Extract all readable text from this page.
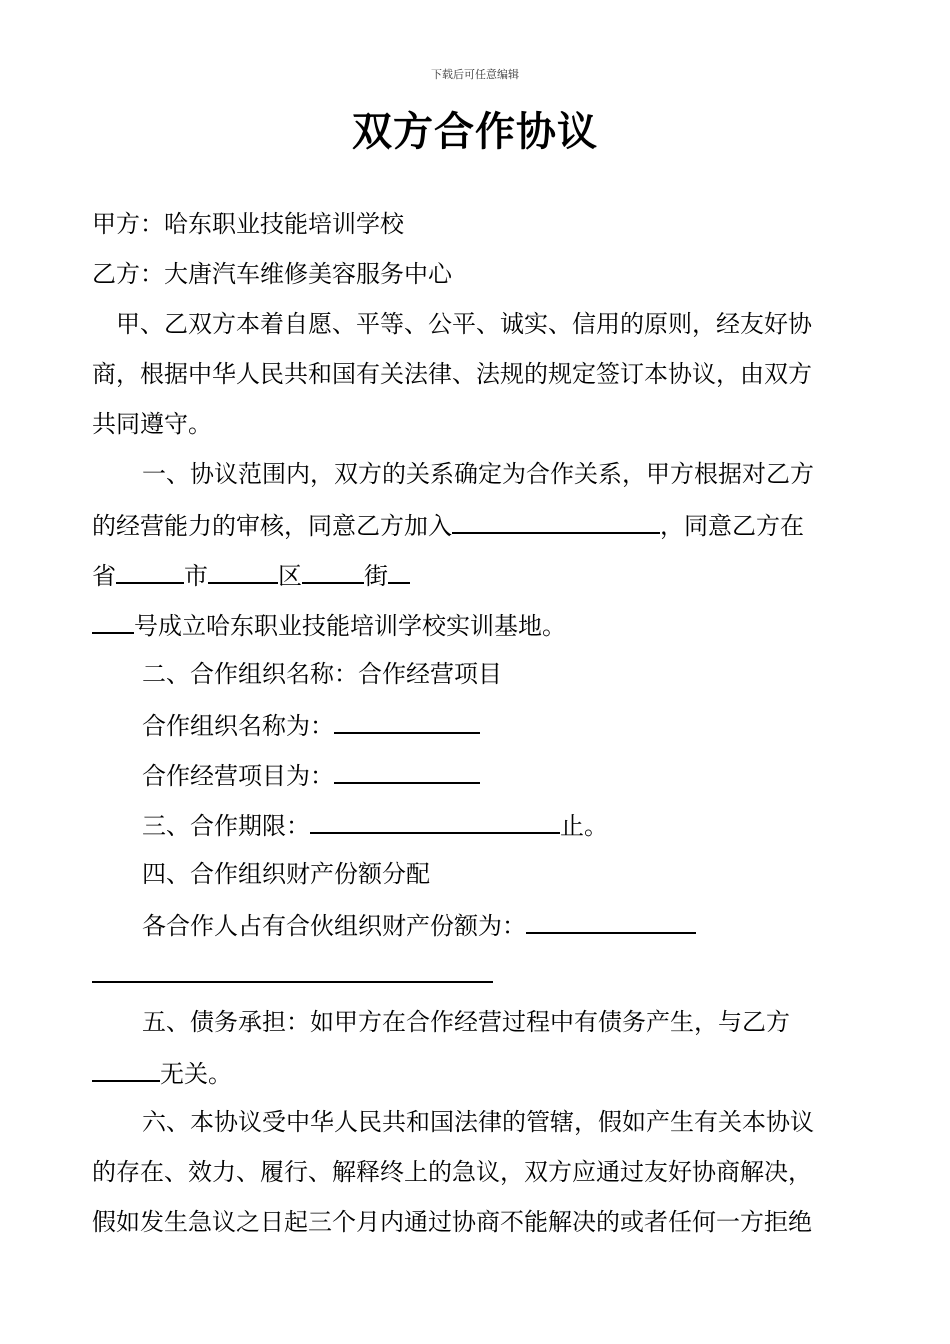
下载后可任意编辑
双方合作协议
甲方：哈东职业技能培训学校
乙方：大唐汽车维修美容服务中心
甲、乙双方本着自愿、平等、公平、诚实、信用的原则，经友好协
商，根据中华人民共和国有关法律、法规的规定签订本协议，由双方
共同遵守。
一、协议范围内，双方的关系确定为合作关系，甲方根据对乙方
的经营能力的审核，同意乙方加入	，同意乙方在
省	市	区	街
号成立哈东职业技能培训学校实训基地。
二、合作组织名称：合作经营项目
合作组织名称为：
合作经营项目为：
三、合作期限：	止。
四、合作组织财产份额分配
各合作人占有合伙组织财产份额为：
五、债务承担：如甲方在合作经营过程中有债务产生，与乙方
无关。
六、本协议受中华人民共和国法律的管辖，假如产生有关本协议
的存在、效力、履行、解释终上的急议，双方应通过友好协商解决，
假如发生急议之日起三个月内通过协商不能解决的或者任何一方拒绝
